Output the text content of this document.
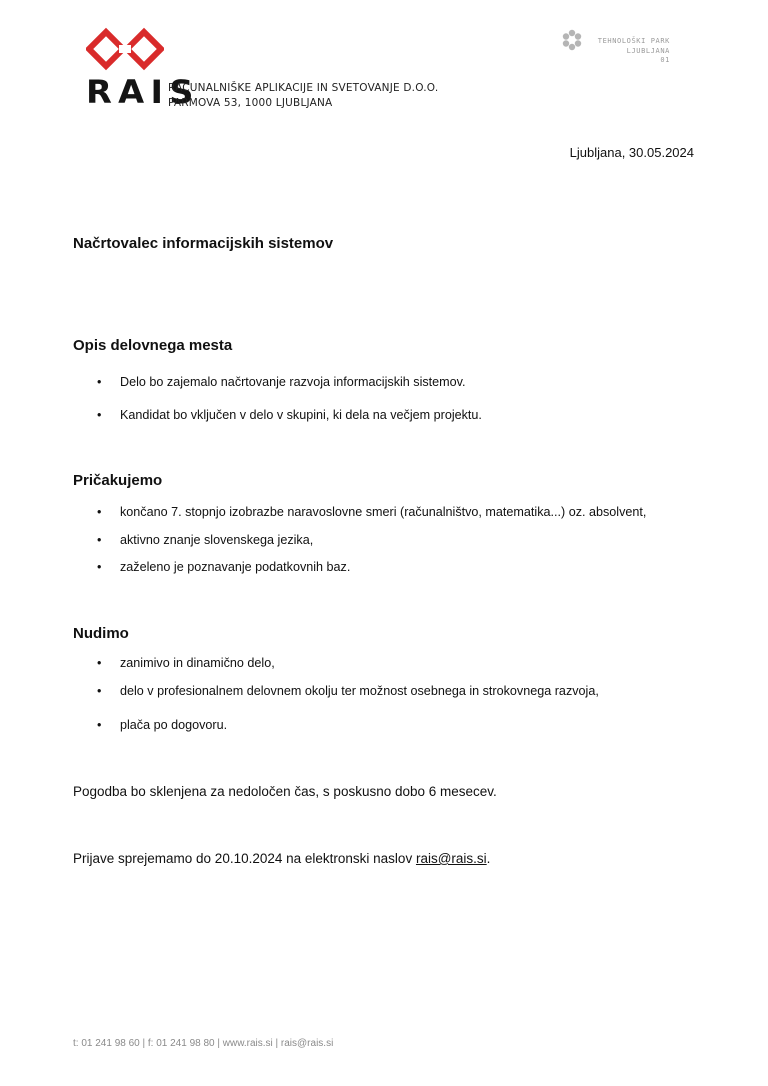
RAIS
RAČUNALNIŠKE APLIKACIJE IN SVETOVANJE D.O.O.
PARMOVA 53, 1000 LJUBLJANA
TEHNOLOŠKI PARK
LJUBLJANA
01
Ljubljana, 30.05.2024
Načrtovalec informacijskih sistemov
Opis delovnega mesta
• Delo bo zajemalo načrtovanje razvoja informacijskih sistemov.
• Kandidat bo vključen v delo v skupini, ki dela na večjem projektu.
Pričakujemo
• končano 7. stopnjo izobrazbe naravoslovne smeri (računalništvo, matematika...) oz. absolvent,
• aktivno znanje slovenskega jezika,
• zaželeno je poznavanje podatkovnih baz.
Nudimo
• zanimivo in dinamično delo,
• delo v profesionalnem delovnem okolju ter možnost osebnega in strokovnega razvoja,
• plača po dogovoru.

Pogodba bo sklenjena za nedoločen čas, s poskusno dobo 6 mesecev.

Prijave sprejemamo do 20.10.2024 na elektronski naslov rais@rais.si.

t: 01 241 98 60 | f: 01 241 98 80 | www.rais.si | rais@rais.si
